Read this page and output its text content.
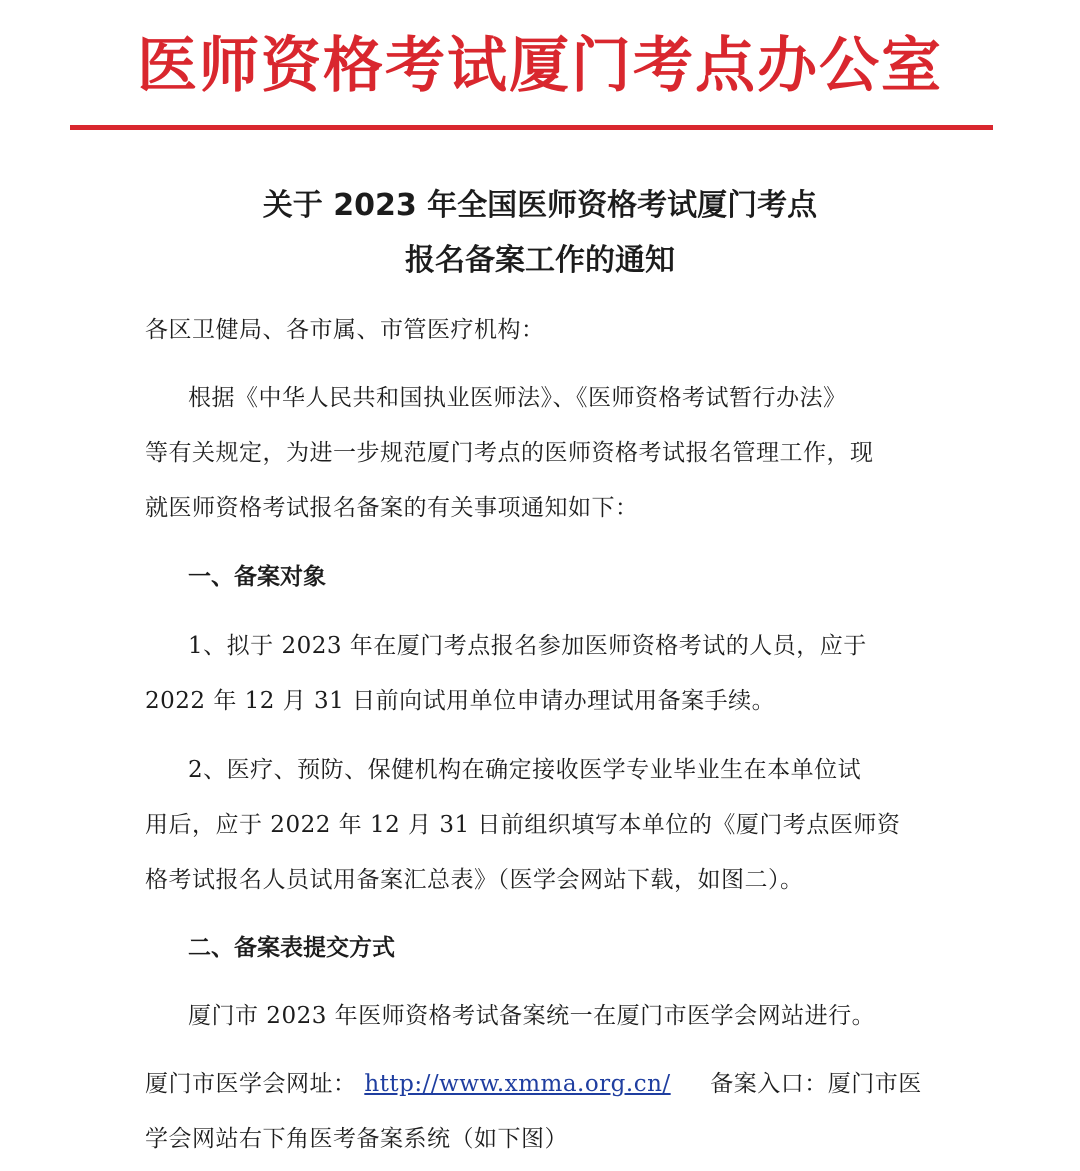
医师资格考试厦门考点办公室
关于 2023 年全国医师资格考试厦门考点
报名备案工作的通知
各区卫健局、各市属、市管医疗机构：
根据《中华人民共和国执业医师法》、《医师资格考试暂行办法》
等有关规定，为进一步规范厦门考点的医师资格考试报名管理工作，现
就医师资格考试报名备案的有关事项通知如下：
一、备案对象
1、拟于 2023 年在厦门考点报名参加医师资格考试的人员，应于
2022 年 12 月 31 日前向试用单位申请办理试用备案手续。
2、医疗、预防、保健机构在确定接收医学专业毕业生在本单位试
用后，应于 2022 年 12 月 31 日前组织填写本单位的《厦门考点医师资
格考试报名人员试用备案汇总表》（医学会网站下载，如图二）。
二、备案表提交方式
厦门市 2023 年医师资格考试备案统一在厦门市医学会网站进行。
厦门市医学会网址： http://www.xmma.org.cn/ 备案入口：厦门市医
学会网站右下角医考备案系统（如下图）
